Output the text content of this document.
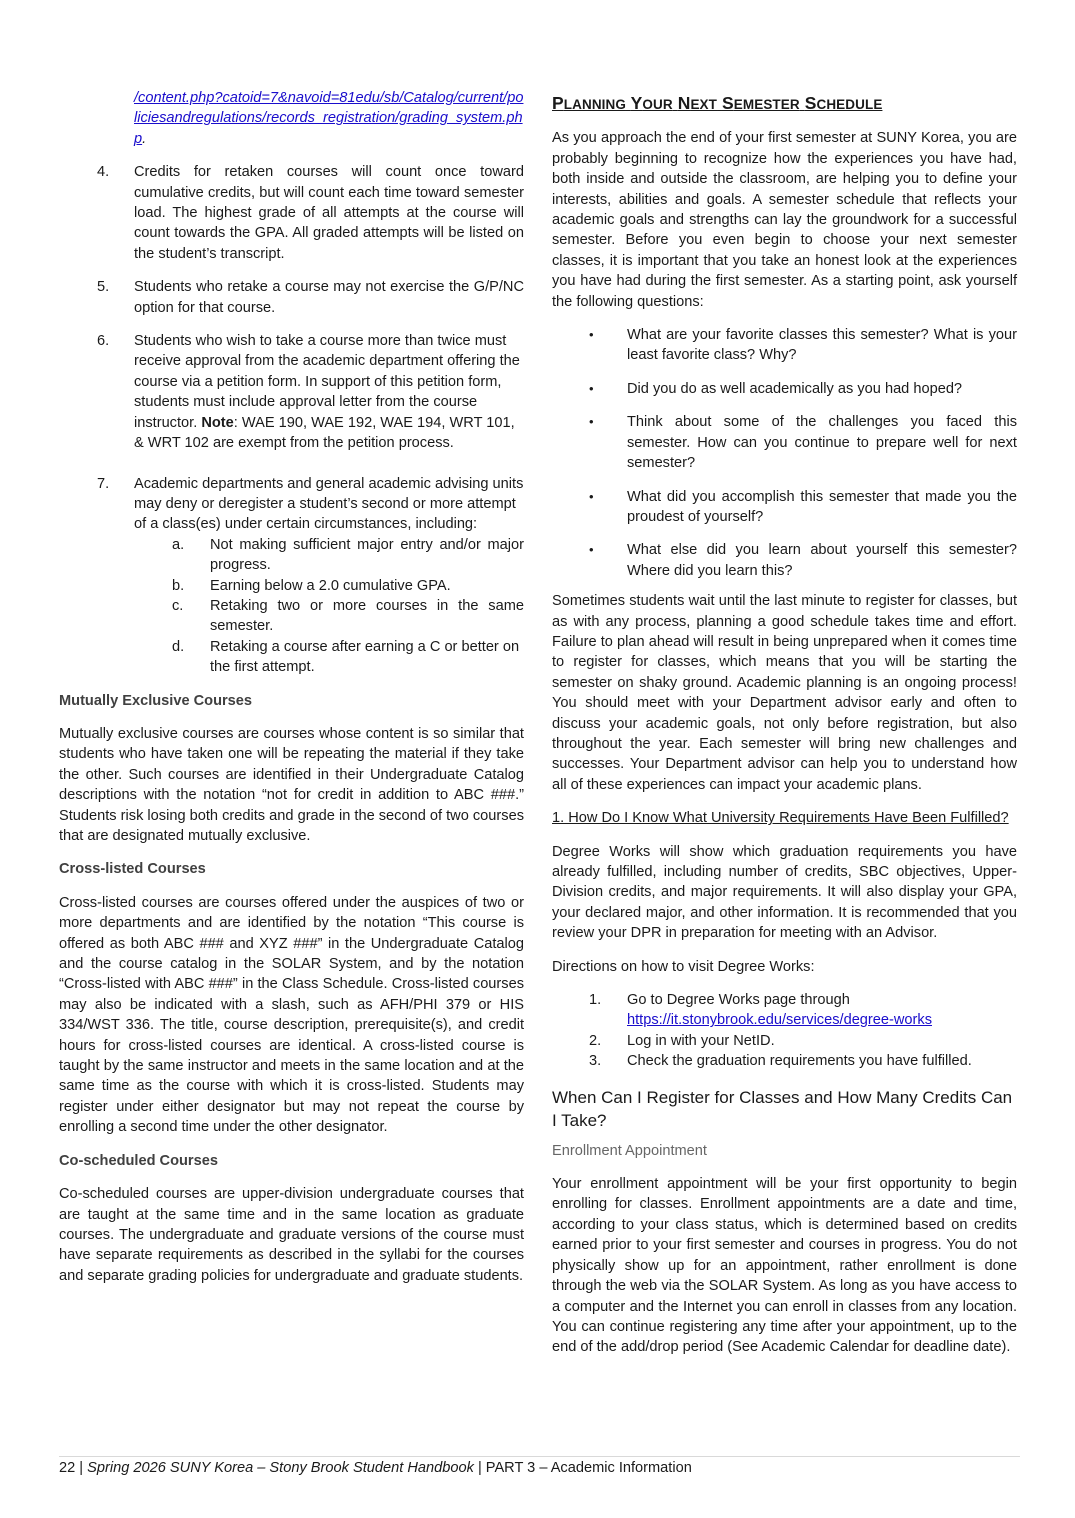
/content.php?catoid=7&navoid=81edu/sb/Catalog/current/policiesandregulations/records_registration/grading_system.php.
4.	Credits for retaken courses will count once toward cumulative credits, but will count each time toward semester load. The highest grade of all attempts at the course will count towards the GPA. All graded attempts will be listed on the student’s transcript.
5.	Students who retake a course may not exercise the G/P/NC option for that course.
6.	Students who wish to take a course more than twice must receive approval from the academic department offering the course via a petition form. In support of this petition form, students must include approval letter from the course instructor. Note: WAE 190, WAE 192, WAE 194, WRT 101, & WRT 102 are exempt from the petition process.
7.	Academic departments and general academic advising units may deny or deregister a student’s second or more attempt of a class(es) under certain circumstances, including:
a.	Not making sufficient major entry and/or major progress.
b.	Earning below a 2.0 cumulative GPA.
c.	Retaking two or more courses in the same semester.
d.	Retaking a course after earning a C or better on the first attempt.
Mutually Exclusive Courses

Mutually exclusive courses are courses whose content is so similar that students who have taken one will be repeating the material if they take the other. Such courses are identified in their Undergraduate Catalog descriptions with the notation “not for credit in addition to ABC ###.” Students risk losing both credits and grade in the second of two courses that are designated mutually exclusive.

Cross-listed Courses

Cross-listed courses are courses offered under the auspices of two or more departments and are identified by the notation “This course is offered as both ABC ### and XYZ ###” in the Undergraduate Catalog and the course catalog in the SOLAR System, and by the notation “Cross-listed with ABC ###” in the Class Schedule. Cross-listed courses may also be indicated with a slash, such as AFH/PHI 379 or HIS 334/WST 336. The title, course description, prerequisite(s), and credit hours for cross-listed courses are identical. A cross-listed course is taught by the same instructor and meets in the same location and at the same time as the course with which it is cross-listed. Students may register under either designator but may not repeat the course by enrolling a second time under the other designator.

Co-scheduled Courses

Co-scheduled courses are upper-division undergraduate courses that are taught at the same time and in the same location as graduate courses. The undergraduate and graduate versions of the course must have separate requirements as described in the syllabi for the courses and separate grading policies for undergraduate and graduate students.

PLANNING YOUR NEXT SEMESTER SCHEDULE

As you approach the end of your first semester at SUNY Korea, you are probably beginning to recognize how the experiences you have had, both inside and outside the classroom, are helping you to define your interests, abilities and goals. A semester schedule that reflects your academic goals and strengths can lay the groundwork for a successful semester. Before you even begin to choose your next semester classes, it is important that you take an honest look at the experiences you have had during the first semester. As a starting point, ask yourself the following questions:

•	What are your favorite classes this semester? What is your least favorite class? Why?
•	Did you do as well academically as you had hoped?
•	Think about some of the challenges you faced this semester. How can you continue to prepare well for next semester?
•	What did you accomplish this semester that made you the proudest of yourself?
•	What else did you learn about yourself this semester? Where did you learn this?

Sometimes students wait until the last minute to register for classes, but as with any process, planning a good schedule takes time and effort. Failure to plan ahead will result in being unprepared when it comes time to register for classes, which means that you will be starting the semester on shaky ground. Academic planning is an ongoing process! You should meet with your Department advisor early and often to discuss your academic goals, not only before registration, but also throughout the year. Each semester will bring new challenges and successes. Your Department advisor can help you to understand how all of these experiences can impact your academic plans.

1. How Do I Know What University Requirements Have Been Fulfilled?

Degree Works will show which graduation requirements you have already fulfilled, including number of credits, SBC objectives, Upper-Division credits, and major requirements. It will also display your GPA, your declared major, and other information. It is recommended that you review your DPR in preparation for meeting with an Advisor.

Directions on how to visit Degree Works:

1.	Go to Degree Works page through
https://it.stonybrook.edu/services/degree-works
2.	Log in with your NetID.
3.	Check the graduation requirements you have fulfilled.
When Can I Register for Classes and How Many Credits Can I Take?
Enrollment Appointment

Your enrollment appointment will be your first opportunity to begin enrolling for classes. Enrollment appointments are a date and time, according to your class status, which is determined based on credits earned prior to your first semester and courses in progress. You do not physically show up for an appointment, rather enrollment is done through the web via the SOLAR System. As long as you have access to a computer and the Internet you can enroll in classes from any location. You can continue registering any time after your appointment, up to the end of the add/drop period (See Academic Calendar for deadline date).

22 | Spring 2026 SUNY Korea – Stony Brook Student Handbook | PART 3 – Academic Information
